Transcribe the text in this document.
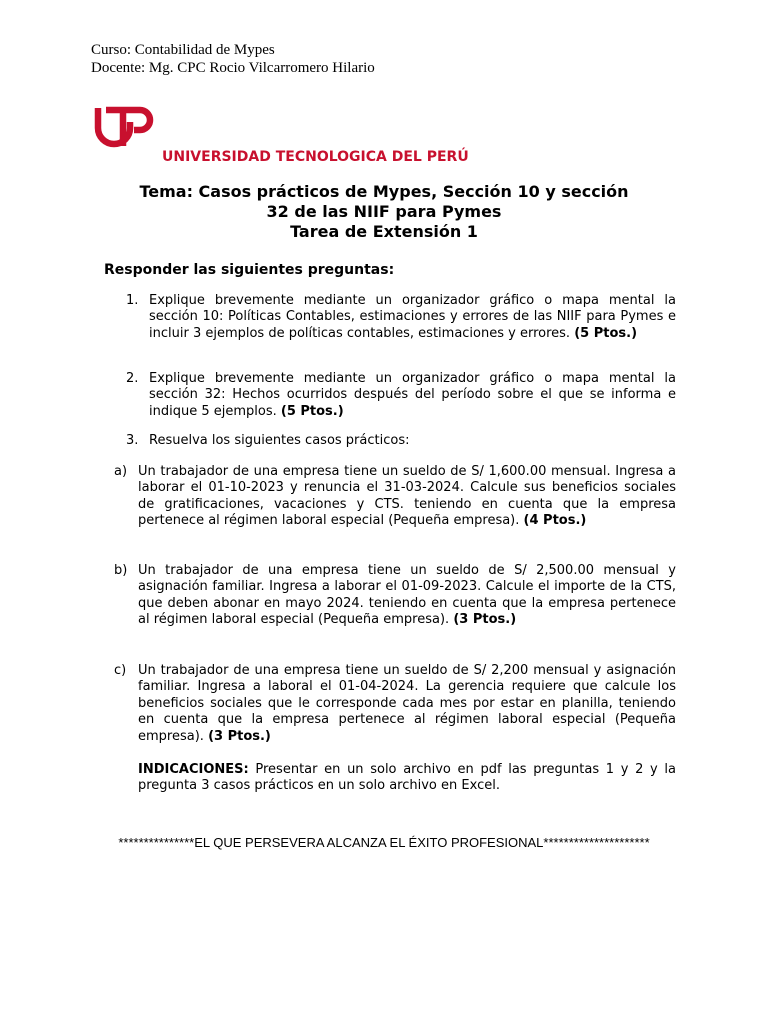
Curso: Contabilidad de Mypes
Docente: Mg. CPC Rocio Vilcarromero Hilario
UNIVERSIDAD TECNOLOGICA DEL PERÚ
Tema: Casos prácticos de Mypes, Sección 10 y sección
32 de las NIIF para Pymes
Tarea de Extensión 1
Responder las siguientes preguntas:
1. Explique brevemente mediante un organizador gráfico o mapa mental la sección 10: Políticas Contables, estimaciones y errores de las NIIF para Pymes e incluir 3 ejemplos de políticas contables, estimaciones y errores. (5 Ptos.)
2. Explique brevemente mediante un organizador gráfico o mapa mental la sección 32: Hechos ocurridos después del período sobre el que se informa e indique 5 ejemplos. (5 Ptos.)
3. Resuelva los siguientes casos prácticos:
a) Un trabajador de una empresa tiene un sueldo de S/ 1,600.00 mensual. Ingresa a laborar el 01-10-2023 y renuncia el 31-03-2024. Calcule sus beneficios sociales de gratificaciones, vacaciones y CTS. teniendo en cuenta que la empresa pertenece al régimen laboral especial (Pequeña empresa). (4 Ptos.)
b) Un trabajador de una empresa tiene un sueldo de S/ 2,500.00 mensual y asignación familiar. Ingresa a laborar el 01-09-2023. Calcule el importe de la CTS, que deben abonar en mayo 2024. teniendo en cuenta que la empresa pertenece al régimen laboral especial (Pequeña empresa). (3 Ptos.)
c) Un trabajador de una empresa tiene un sueldo de S/ 2,200 mensual y asignación familiar. Ingresa a laboral el 01-04-2024. La gerencia requiere que calcule los beneficios sociales que le corresponde cada mes por estar en planilla, teniendo en cuenta que la empresa pertenece al régimen laboral especial (Pequeña empresa). (3 Ptos.)
INDICACIONES: Presentar en un solo archivo en pdf las preguntas 1 y 2 y la pregunta 3 casos prácticos en un solo archivo en Excel.
***************EL QUE PERSEVERA ALCANZA EL ÉXITO PROFESIONAL*********************
